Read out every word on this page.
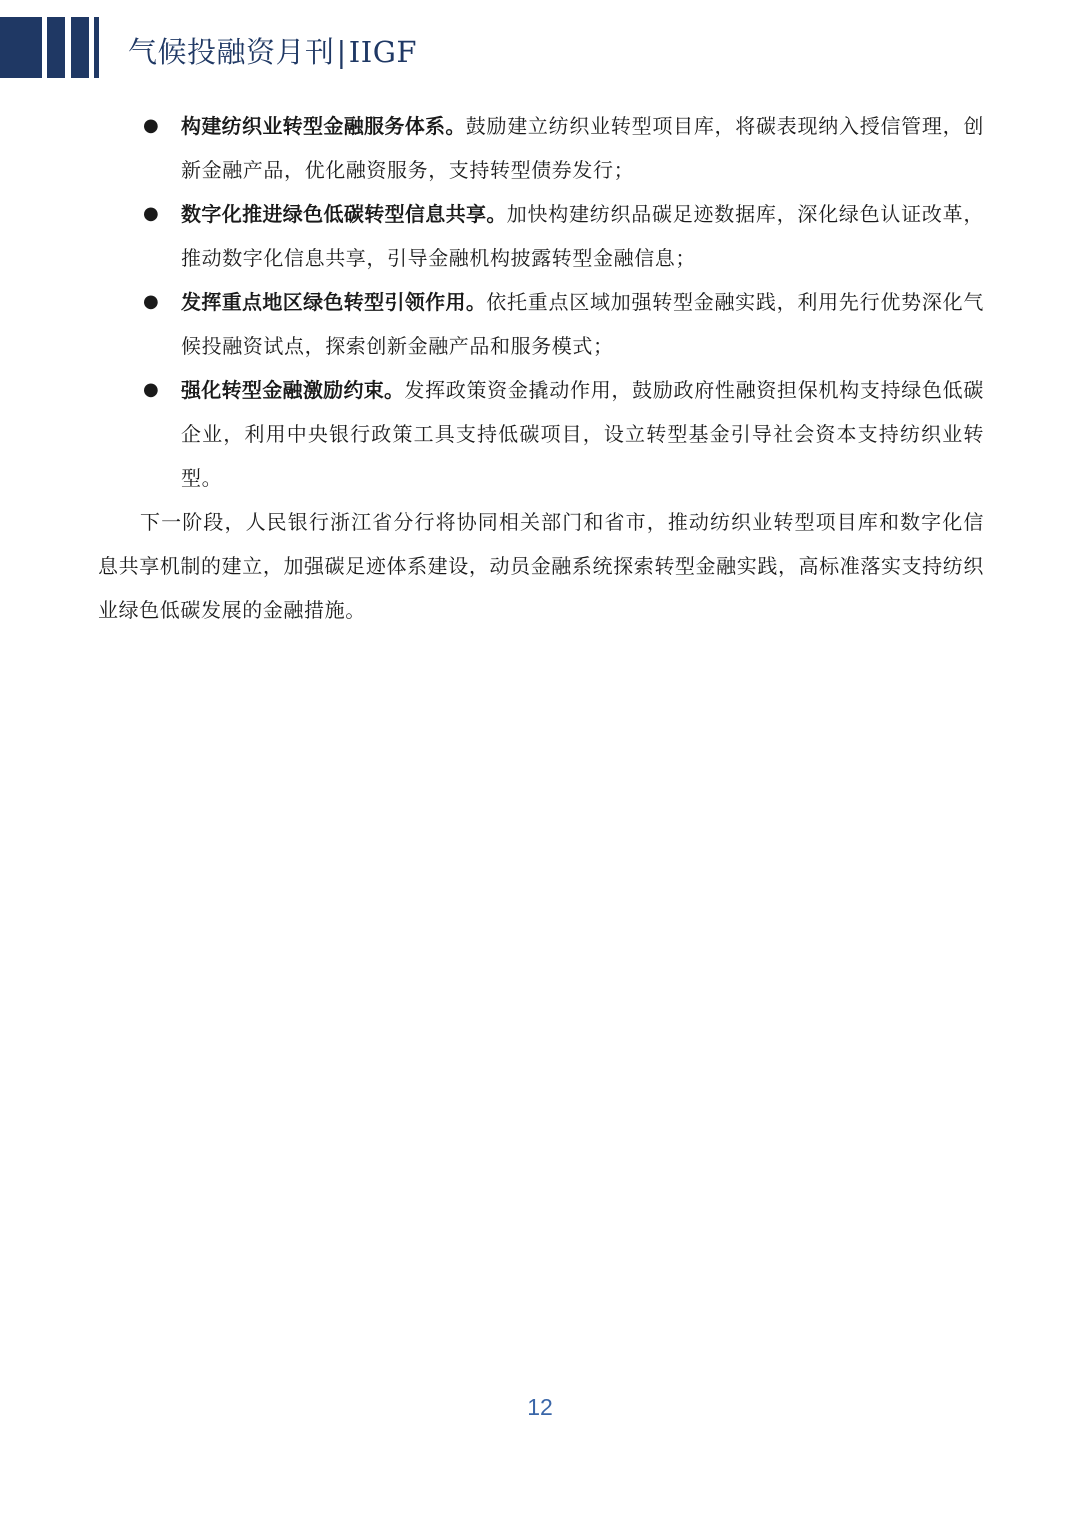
气候投融资月刊|IIGF
● 构建纺织业转型金融服务体系。鼓励建立纺织业转型项目库，将碳表现纳入授信管理，创新金融产品，优化融资服务，支持转型债券发行；
● 数字化推进绿色低碳转型信息共享。加快构建纺织品碳足迹数据库，深化绿色认证改革，推动数字化信息共享，引导金融机构披露转型金融信息；
● 发挥重点地区绿色转型引领作用。依托重点区域加强转型金融实践，利用先行优势深化气候投融资试点，探索创新金融产品和服务模式；
● 强化转型金融激励约束。发挥政策资金撬动作用，鼓励政府性融资担保机构支持绿色低碳企业，利用中央银行政策工具支持低碳项目，设立转型基金引导社会资本支持纺织业转型。

下一阶段，人民银行浙江省分行将协同相关部门和省市，推动纺织业转型项目库和数字化信息共享机制的建立，加强碳足迹体系建设，动员金融系统探索转型金融实践，高标准落实支持纺织业绿色低碳发展的金融措施。

12
